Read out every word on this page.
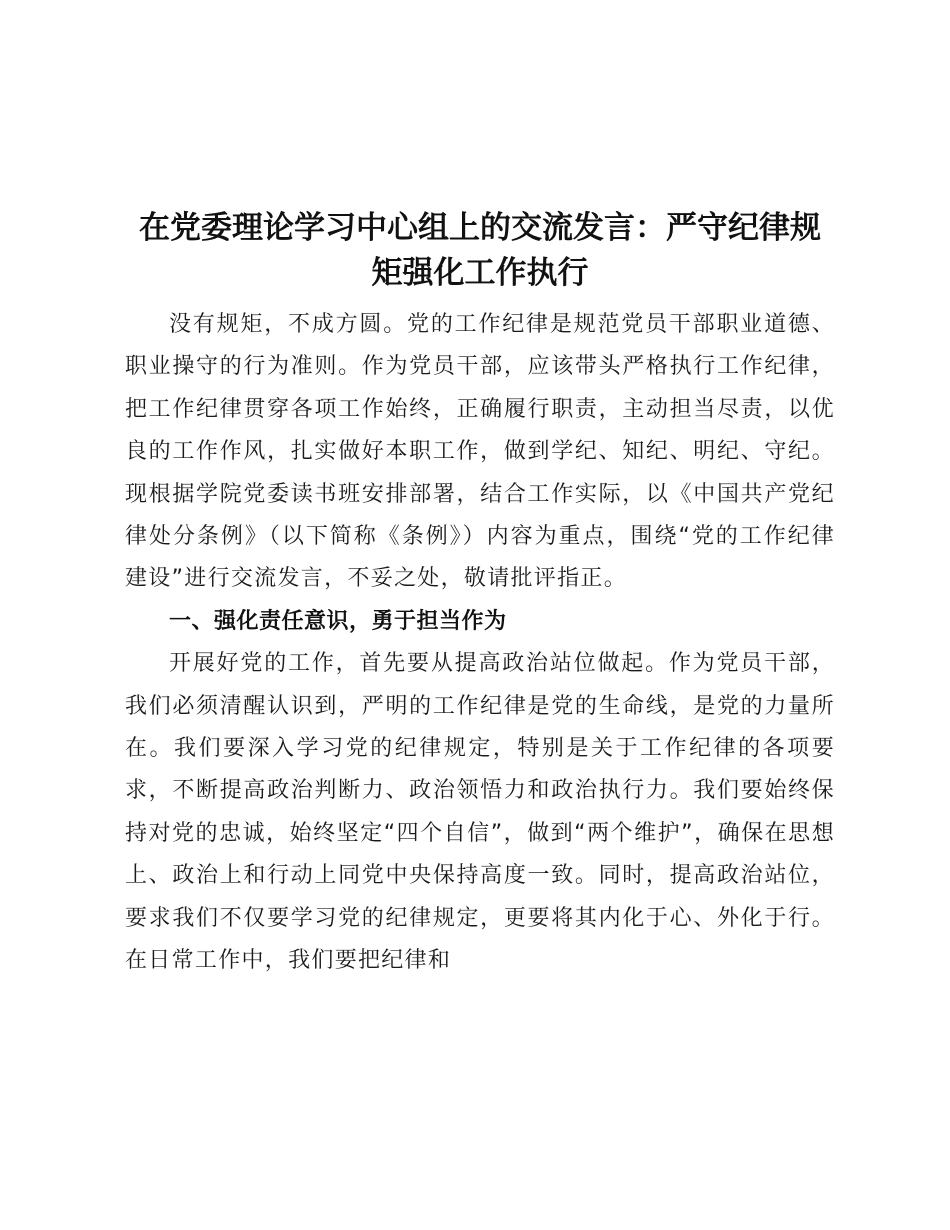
在党委理论学习中心组上的交流发言：严守纪律规矩强化工作执行

没有规矩，不成方圆。党的工作纪律是规范党员干部职业道德、职业操守的行为准则。作为党员干部，应该带头严格执行工作纪律，把工作纪律贯穿各项工作始终，正确履行职责，主动担当尽责，以优良的工作作风，扎实做好本职工作，做到学纪、知纪、明纪、守纪。现根据学院党委读书班安排部署，结合工作实际，以《中国共产党纪律处分条例》（以下简称《条例》）内容为重点，围绕“党的工作纪律建设”进行交流发言，不妥之处，敬请批评指正。

一、强化责任意识，勇于担当作为

开展好党的工作，首先要从提高政治站位做起。作为党员干部，我们必须清醒认识到，严明的工作纪律是党的生命线，是党的力量所在。我们要深入学习党的纪律规定，特别是关于工作纪律的各项要求，不断提高政治判断力、政治领悟力和政治执行力。我们要始终保持对党的忠诚，始终坚定“四个自信”，做到“两个维护”，确保在思想上、政治上和行动上同党中央保持高度一致。同时，提高政治站位，要求我们不仅要学习党的纪律规定，更要将其内化于心、外化于行。在日常工作中，我们要把纪律和
